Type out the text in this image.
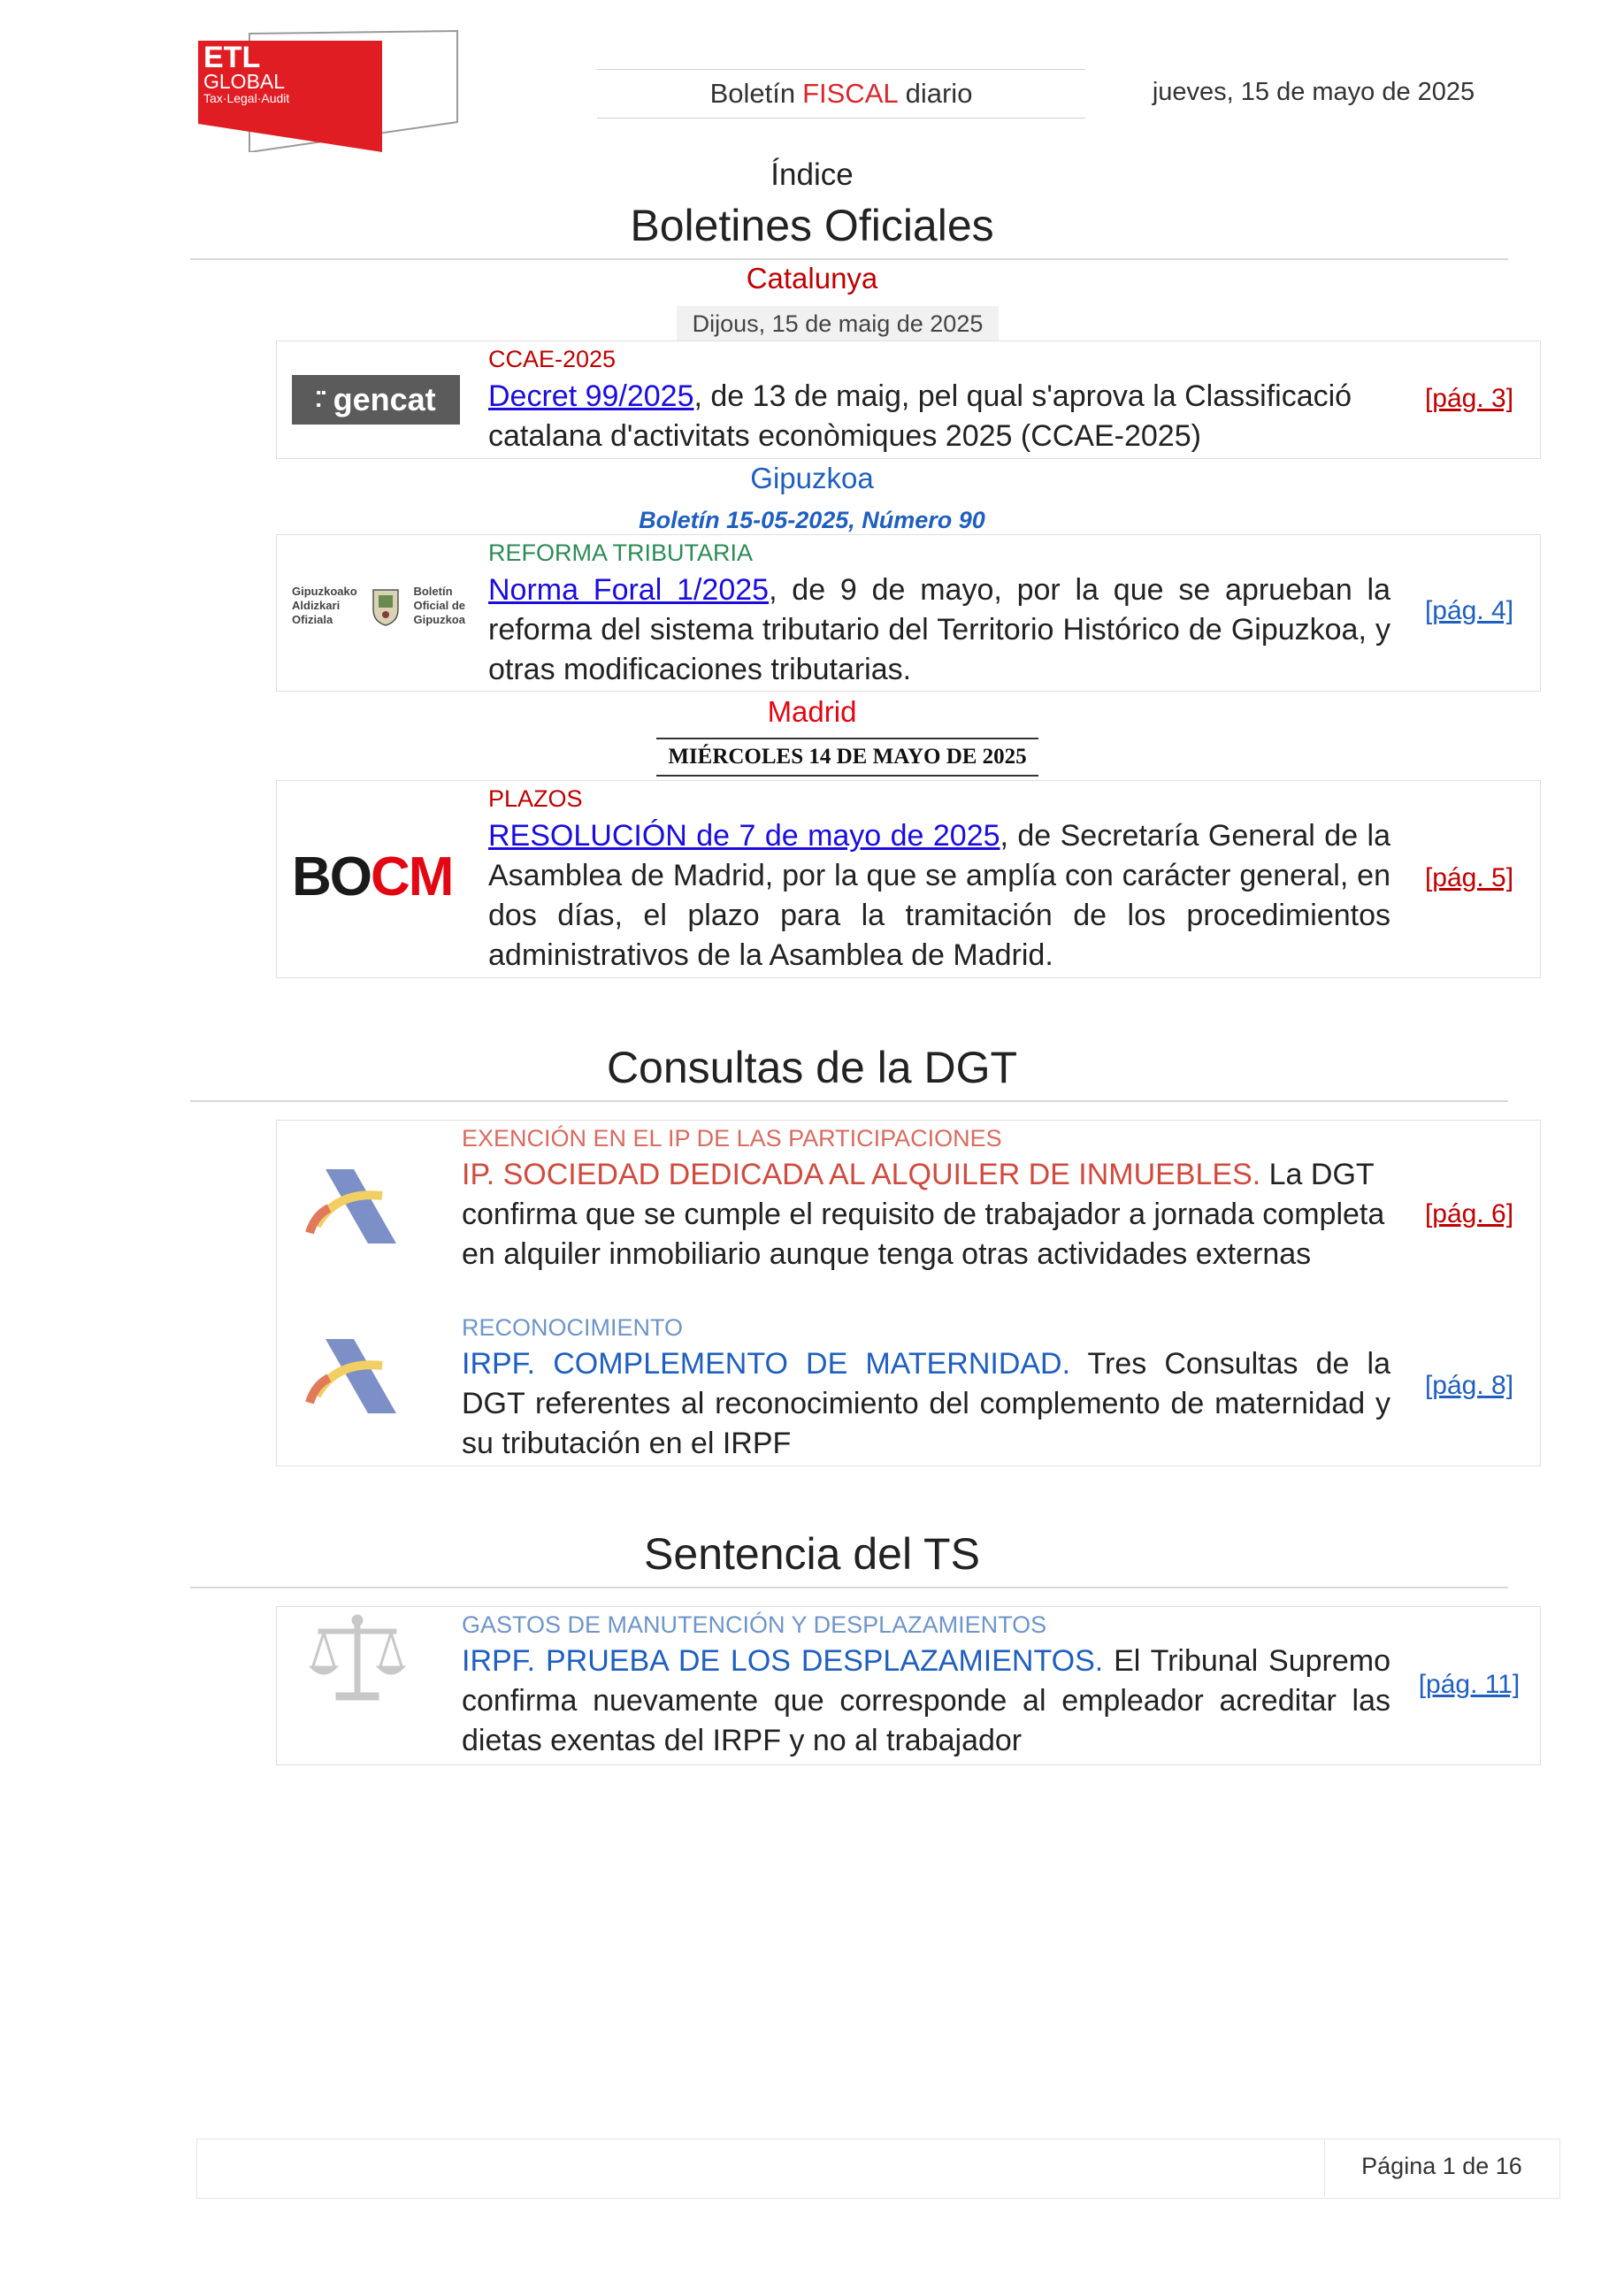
ETL
GLOBAL
Tax·Legal·Audit	Boletín FISCAL diario	jueves, 15 de mayo de 2025
Índice
Boletines Oficiales
Catalunya
Dijous, 15 de maig de 2025
▪▪
▪ gencat
CCAE-2025
Decret 99/2025, de 13 de maig, pel qual s'aprova la Classificació catalana d'activitats econòmiques 2025 (CCAE-2025)
[pág. 3]
Gipuzkoa
Boletín 15-05-2025, Número 90
Gipuzkoako
Aldizkari
Ofiziala
Boletín
Oficial de
Gipuzkoa
REFORMA TRIBUTARIA
Norma Foral 1/2025, de 9 de mayo, por la que se aprueban la reforma del sistema tributario del Territorio Histórico de Gipuzkoa, y otras modificaciones tributarias.
[pág. 4]
Madrid
MIÉRCOLES 14 DE MAYO DE 2025
BOCM
PLAZOS
RESOLUCIÓN de 7 de mayo de 2025, de Secretaría General de la Asamblea de Madrid, por la que se amplía con carácter general, en dos días, el plazo para la tramitación de los procedimientos administrativos de la Asamblea de Madrid.
[pág. 5]
Consultas de la DGT
EXENCIÓN EN EL IP DE LAS PARTICIPACIONES
IP. SOCIEDAD DEDICADA AL ALQUILER DE INMUEBLES. La DGT confirma que se cumple el requisito de trabajador a jornada completa en alquiler inmobiliario aunque tenga otras actividades externas
[pág. 6]
RECONOCIMIENTO
IRPF. COMPLEMENTO DE MATERNIDAD. Tres Consultas de la DGT referentes al reconocimiento del complemento de maternidad y su tributación en el IRPF
[pág. 8]
Sentencia del TS
GASTOS DE MANUTENCIÓN Y DESPLAZAMIENTOS
IRPF. PRUEBA DE LOS DESPLAZAMIENTOS. El Tribunal Supremo confirma nuevamente que corresponde al empleador acreditar las dietas exentas del IRPF y no al trabajador
[pág. 11]
Página 1 de 16
